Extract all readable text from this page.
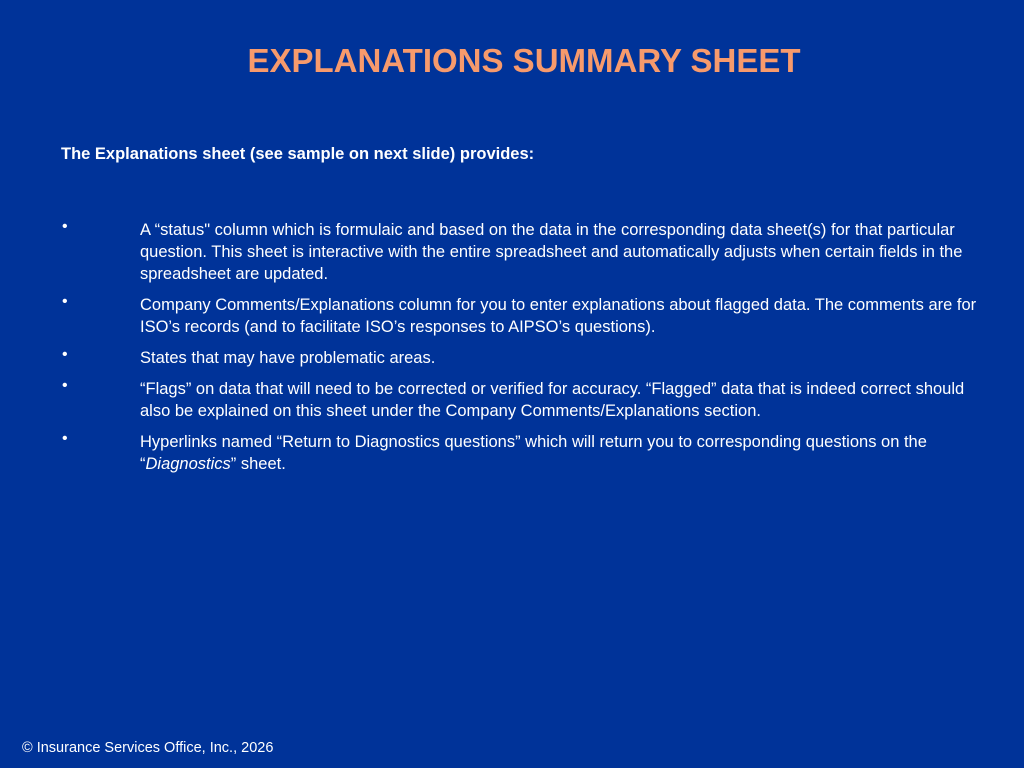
EXPLANATIONS SUMMARY SHEET
The Explanations sheet (see sample on next slide) provides:
•	A “status" column which is formulaic and based on the data in the corresponding data sheet(s) for that particular question. This sheet is interactive with the entire spreadsheet and automatically adjusts when certain fields in the spreadsheet are updated.
•	Company Comments/Explanations column for you to enter explanations about flagged data. The comments are for ISO’s records (and to facilitate ISO’s responses to AIPSO’s questions).
•	States that may have problematic areas.
•	“Flags” on data that will need to be corrected or verified for accuracy. “Flagged” data that is indeed correct should also be explained on this sheet under the Company Comments/Explanations section.
•	Hyperlinks named “Return to Diagnostics questions” which will return you to corresponding questions on the “Diagnostics” sheet.
© Insurance Services Office, Inc., 2026
